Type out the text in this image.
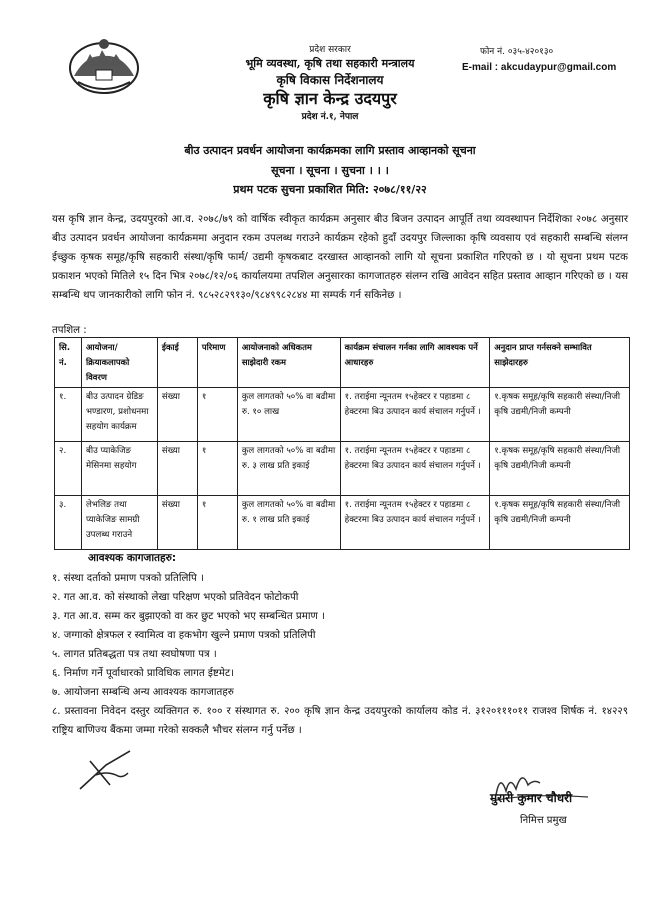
प्रदेश सरकार
भूमि व्यवस्था, कृषि तथा सहकारी मन्त्रालय
कृषि विकास निर्देशनालय
कृषि ज्ञान केन्द्र उदयपुर
प्रदेश नं.१, नेपाल
फोन नं. ०३५-४२०१३०
E-mail : akcudaypur@gmail.com
बीउ उत्पादन प्रवर्धन आयोजना कार्यक्रमका लागि प्रस्ताव आव्हानको सूचना
सूचना । सूचना । सुचना । । ।
प्रथम पटक सुचना प्रकाशित मिति: २०७८/११/२२
यस कृषि ज्ञान केन्द्र, उदयपुरको आ.व. २०७८/७९ को वार्षिक स्वीकृत कार्यक्रम अनुसार बीउ बिजन उत्पादन आपूर्ति तथा व्यवस्थापन निर्देशिका २०७८ अनुसार बीउ उत्पादन प्रवर्धन आयोजना कार्यक्रममा अनुदान रकम उपलब्ध गराउने कार्यक्रम रहेको हुदाँ उदयपुर जिल्लाका कृषि व्यवसाय एवं सहकारी सम्बन्धि संलग्न ईच्छुक कृषक समूह/कृषि सहकारी संस्था/कृषि फार्म/ उद्यमी कृषकबाट दरखास्त आव्हानको लागि यो सूचना प्रकाशित गरिएको छ । यो सूचना प्रथम पटक प्रकाशन भएको मितिले १५ दिन भित्र २०७८/१२/०६ कार्यालयमा तपशिल अनुसारका कागजातहरु संलग्न राखि आवेदन सहित प्रस्ताव आव्हान गरिएको छ । यस सम्बन्धि थप जानकारीको लागि फोन नं. ९८५२८२९१३०/९८४९९८२८४४ मा सम्पर्क गर्न सकिनेछ ।
तपशिल :
सि. नं.	आयोजना/ क्रियाकलापको विवरण	ईकाई	परिमाण	आयोजनाको अधिकतम साझेदारी रकम	कार्यक्रम संचालन गर्नका लागि आवश्यक पर्ने आधारहरु	अनुदान प्राप्त गर्नसक्ने सम्भावित साझेदारहरु
१.	बीउ उत्पादन ग्रेडिङ भण्डारण, प्रशोधनमा सहयोग कार्यक्रम	संख्या	१	कुल लागतको ५०% वा बढीमा रु. १० लाख	१. तराईमा न्यूनतम १५हेक्टर र पहाडमा ८ हेक्टरमा बिउ उत्पादन कार्य संचालन गर्नुपर्ने ।	१.कृषक समूह/कृषि सहकारी संस्था/निजी कृषि उद्यमी/निजी कम्पनी
२.	बीउ प्याकेजिङ मेसिनमा सहयोग	संख्या	१	कुल लागतको ५०% वा बढीमा रु. ३ लाख प्रति इकाई	१. तराईमा न्यूनतम १५हेक्टर र पहाडमा ८ हेक्टरमा बिउ उत्पादन कार्य संचालन गर्नुपर्ने ।	१.कृषक समूह/कृषि सहकारी संस्था/निजी कृषि उद्यमी/निजी कम्पनी
३.	लेभलिङ तथा प्याकेजिङ सामग्री उपलब्ध गराउने	संख्या	१	कुल लागतको ५०% वा बढीमा रु. १ लाख प्रति इकाई	१. तराईमा न्यूनतम १५हेक्टर र पहाडमा ८ हेक्टरमा बिउ उत्पादन कार्य संचालन गर्नुपर्ने ।	१.कृषक समूह/कृषि सहकारी संस्था/निजी कृषि उद्यमी/निजी कम्पनी
आवश्यक कागजातहरु:
१. संस्था दर्ताको प्रमाण पत्रको प्रतिलिपि ।
२. गत आ.व. को संस्थाको लेखा परिक्षण भएको प्रतिवेदन फोटोकपी
३. गत आ.व. सम्म कर बुझाएको वा कर छुट भएको भए सम्बन्धित प्रमाण ।
४. जग्गाको क्षेत्रफल र स्वामित्व वा हकभोग खुल्ने प्रमाण पत्रको प्रतिलिपी
५. लागत प्रतिबद्धता पत्र तथा स्वघोषणा पत्र ।
६. निर्माण गर्ने पूर्वाधारको प्राविधिक लागत ईष्टमेट।
७. आयोजना सम्बन्धि अन्य आवश्यक कागजातहरु
८. प्रस्तावना निवेदन दस्तुर व्यक्तिगत रु. १०० र संस्थागत रु. २०० कृषि ज्ञान केन्द्र उदयपुरको कार्यालय कोड नं. ३१२०१११०११ राजश्व शिर्षक नं. १४२२९ राष्ट्रिय बाणिज्य बैंकमा जम्मा गरेको सक्कलै भौचर संलग्न गर्नु पर्नेछ ।
मुरारी कुमार चौधरी
निमित्त प्रमुख
